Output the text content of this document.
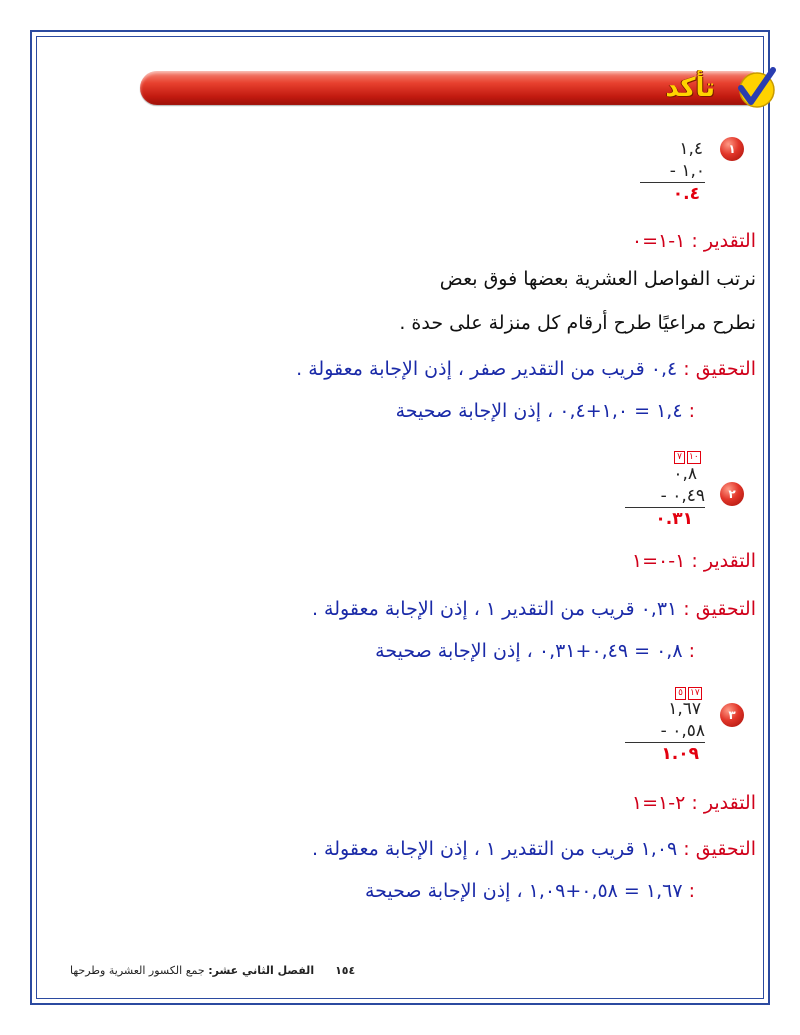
تأكد
١
١,٤
١,٠ -
٠.٤
التقدير : ١-١=٠
نرتب الفواصل العشرية بعضها فوق بعض
نطرح مراعيًا طرح أرقام كل منزلة على حدة .
التحقيق : ٠,٤ قريب من التقدير صفر ، إذن الإجابة معقولة .
: ١,٤ = ١,٠+٠,٤ ، إذن الإجابة صحيحة
٧ ١٠
٢
٠,٨
٠,٤٩ -
٠.٣١
التقدير : ١-٠=١
التحقيق : ٠,٣١ قريب من التقدير ١ ، إذن الإجابة معقولة .
: ٠,٨ = ٠,٤٩+٠,٣١ ، إذن الإجابة صحيحة
٥ ١٧
٣
١,٦٧
٠,٥٨ -
١.٠٩
التقدير : ٢-١=١
التحقيق : ١,٠٩ قريب من التقدير ١ ، إذن الإجابة معقولة .
: ١,٦٧ = ٠,٥٨+١,٠٩ ، إذن الإجابة صحيحة
١٥٤      الفصل الثاني عشر: جمع الكسور العشرية وطرحها
